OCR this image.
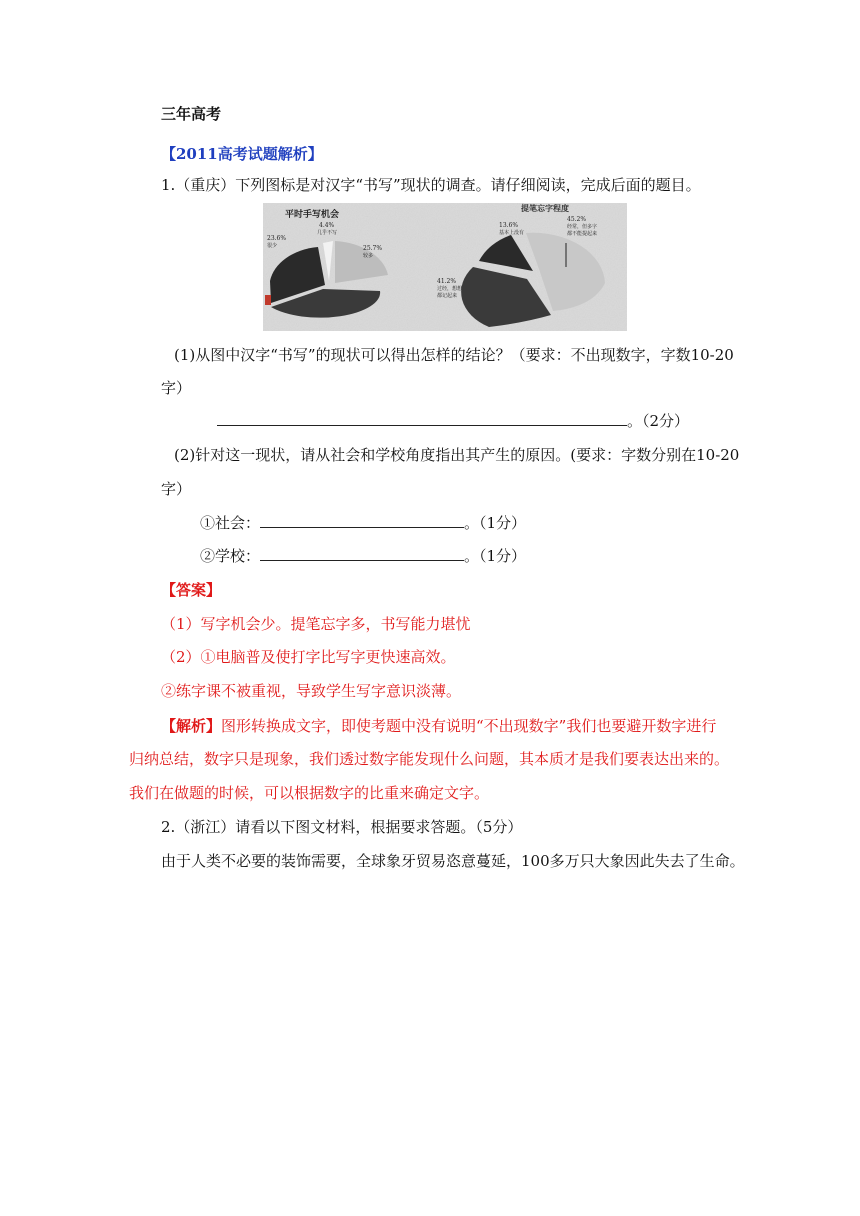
三年高考
【2011高考试题解析】
1.（重庆）下列图标是对汉字“书写”现状的调查。请仔细阅读，完成后面的题目。
平时手写机会
4.4%
几乎不写
23.6%
很少	25.7%
较多
提笔忘字程度
13.6%
基本上没有
45.2%
经常，但多字
都不能提起来
41.2%
过经，想想
都记起来
(1)从图中汉字“书写”的现状可以得出怎样的结论？（要求：不出现数字，字数10-20
字）
。（2分）
(2)针对这一现状，请从社会和学校角度指出其产生的原因。(要求：字数分别在10-20
字）
①社会：	。（1分）
②学校：	。（1分）
【答案】
（1）写字机会少。提笔忘字多，书写能力堪忧
（2）①电脑普及使打字比写字更快速高效。
②练字课不被重视，导致学生写字意识淡薄。
【解析】图形转换成文字，即使考题中没有说明“不出现数字”我们也要避开数字进行
归纳总结，数字只是现象，我们透过数字能发现什么问题，其本质才是我们要表达出来的。
我们在做题的时候，可以根据数字的比重来确定文字。
2.（浙江）请看以下图文材料，根据要求答题。（5分）
由于人类不必要的装饰需要，全球象牙贸易恣意蔓延，100多万只大象因此失去了生命。
